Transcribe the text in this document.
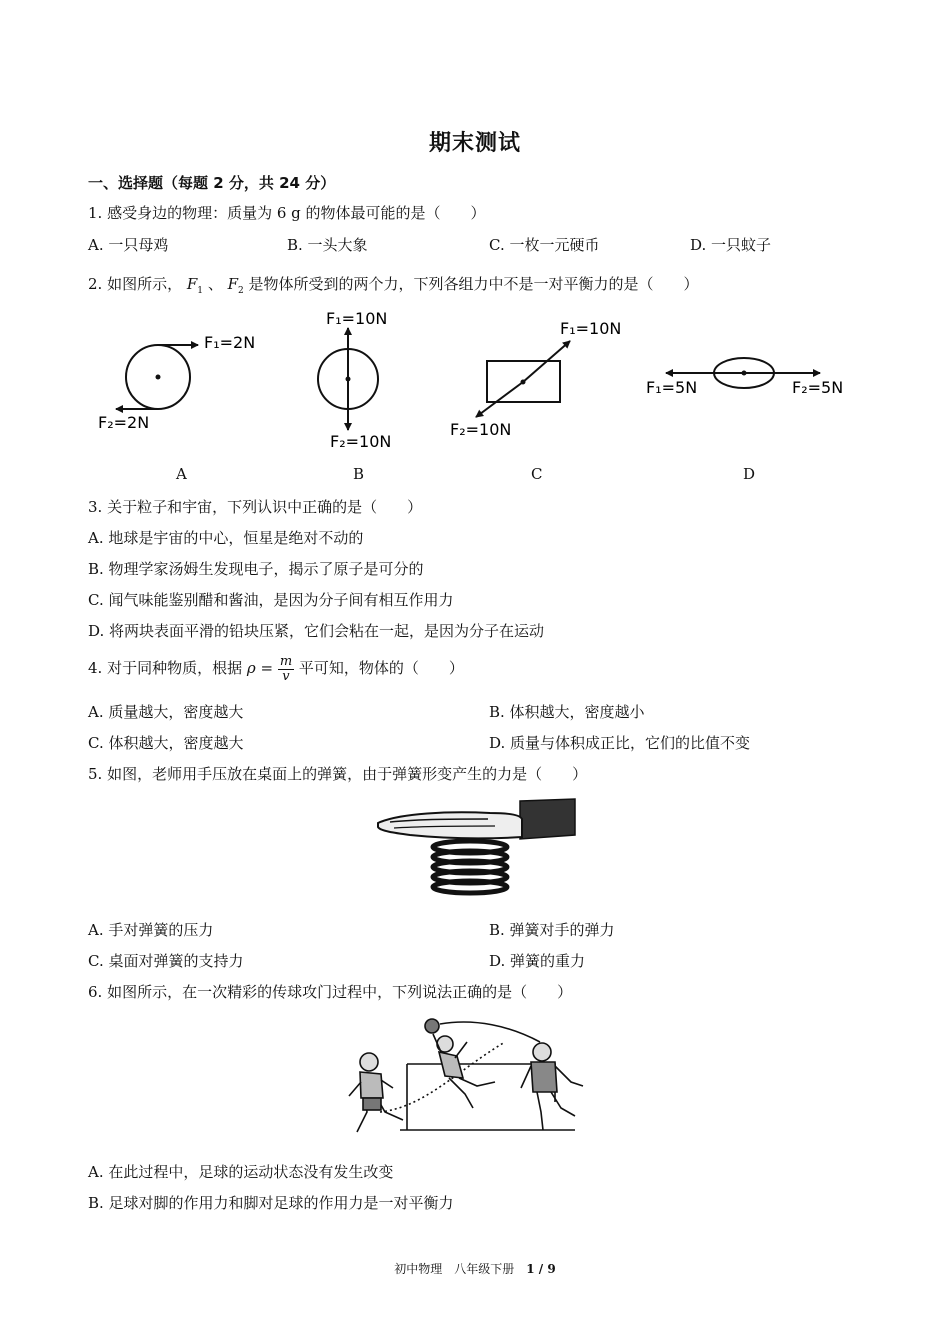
期末测试
一、选择题（每题 2 分，共 24 分）
1. 感受身边的物理：质量为 6 g 的物体最可能的是（　　）
A. 一只母鸡	B. 一头大象	C. 一枚一元硬币	D. 一只蚊子
2. 如图所示， $F_1$ 、 $F_2$ 是物体所受到的两个力，下列各组力中不是一对平衡力的是（　　）
F₁=2N
F₂=2N
F₁=10N
F₂=10N
F₁=10N
F₂=10N
F₁=5N	F₂=5N
A	B	C	D
3. 关于粒子和宇宙，下列认识中正确的是（　　）
A. 地球是宇宙的中心，恒星是绝对不动的
B. 物理学家汤姆生发现电子，揭示了原子是可分的
C. 闻气味能鉴别醋和酱油，是因为分子间有相互作用力
D. 将两块表面平滑的铅块压紧，它们会粘在一起，是因为分子在运动
4. 对于同种物质，根据 $\rho = \frac{m}{v}$ 平可知，物体的（　　）
A. 质量越大，密度越大	B. 体积越大，密度越小
C. 体积越大，密度越大	D. 质量与体积成正比，它们的比值不变
5. 如图，老师用手压放在桌面上的弹簧，由于弹簧形变产生的力是（　　）
A. 手对弹簧的压力	B. 弹簧对手的弹力
C. 桌面对弹簧的支持力	D. 弹簧的重力
6. 如图所示，在一次精彩的传球攻门过程中，下列说法正确的是（　　）
A. 在此过程中，足球的运动状态没有发生改变
B. 足球对脚的作用力和脚对足球的作用力是一对平衡力
初中物理　八年级下册　1 / 9
